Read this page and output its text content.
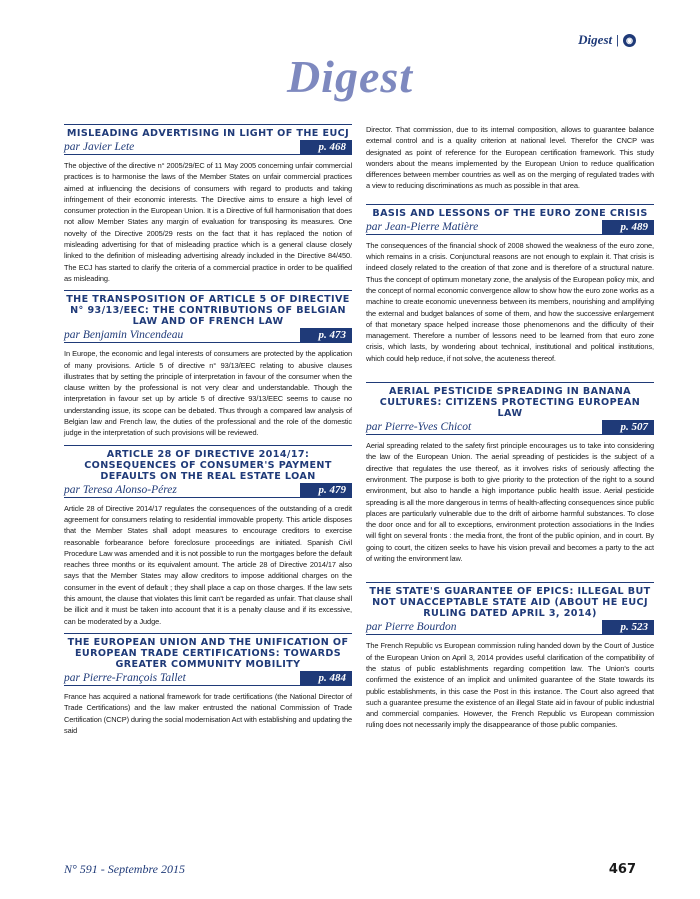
Digest | ◉
Digest
MISLEADING ADVERTISING IN LIGHT OF THE EUCJ
par Javier Lete	p. 468

The objective of the directive n° 2005/29/EC of 11 May 2005 concerning unfair commercial practices is to harmonise the laws of the Member States on unfair commercial practices aimed at influencing the decisions of consumers with regard to products and taking infringement of their economic interests. The Directive aims to ensure a high level of consumer protection in the European Union. It is a Directive of full harmonisation that does not allow Member States any margin of evaluation for transposing its measures. One novelty of the Directive 2005/29 rests on the fact that it has replaced the notion of misleading advertising for that of misleading practice which is a general clause closely linked to the definition of misleading advertising already included in the Directive 84/450. The ECJ has started to clarify the criteria of a commercial practice in order to be qualified as misleading.

THE TRANSPOSITION OF ARTICLE 5 OF DIRECTIVE N° 93/13/EEC: THE CONTRIBUTIONS OF BELGIAN LAW AND OF FRENCH LAW
par Benjamin Vincendeau	p. 473

In Europe, the economic and legal interests of consumers are protected by the application of many provisions. Article 5 of directive n° 93/13/EEC relating to abusive clauses illustrates that by setting the principle of interpretation in favour of the consumer when the clause written by the professional is not very clear and understandable. Though the interpretation in favour set up by article 5 of directive 93/13/EEC seems to cause no understanding issue, its scope can be debated. Thus through a compared law analysis of Belgian law and French law, the duties of the professional and the role of the domestic judge in the interpretation of such provisions will be reviewed.

ARTICLE 28 OF DIRECTIVE 2014/17: CONSEQUENCES OF CONSUMER'S PAYMENT DEFAULTS ON THE REAL ESTATE LOAN
par Teresa Alonso-Pérez	p. 479

Article 28 of Directive 2014/17 regulates the consequences of the outstanding of a credit agreement for consumers relating to residential immovable property. This article disposes that the Member States shall adopt measures to encourage creditors to exercise reasonable forbearance before foreclosure proceedings are initiated. Spanish Civil Procedure Law was amended and it is not possible to run the mortgages before the default reaches three months or its equivalent amount. The article 28 of Directive 2014/17 also says that the Member States may allow creditors to impose additional charges on the consumer in the event of default ; they shall place a cap on those charges. If the law sets this amount, the clause that violates this limit can't be regarded as unfair. That clause shall be illicit and it must be taken into account that it is a penalty clause and if its excessive, can be moderated by a Judge.

THE EUROPEAN UNION AND THE UNIFICATION OF EUROPEAN TRADE CERTIFICATIONS: TOWARDS GREATER COMMUNITY MOBILITY
par Pierre-François Tallet	p. 484

France has acquired a national framework for trade certifications (the National Director of Trade Certifications) and the law maker entrusted the national Commission of Trade Certification (CNCP) during the social modernisation Act with establishing and updating the said

Director. That commission, due to its internal composition, allows to guarantee balance external control and is a quality criterion at national level. Therefor the CNCP was designated as point of reference for the European certification framework. This study wonders about the means implemented by the European Union to reduce qualification differences between member countries as well as on the merging of regulated trades with a view to reducing discriminations as much as possible in that area.

BASIS AND LESSONS OF THE EURO ZONE CRISIS
par Jean-Pierre Matière	p. 489

The consequences of the financial shock of 2008 showed the weakness of the euro zone, which remains in a crisis. Conjunctural reasons are not enough to explain it. That crisis is indeed closely related to the creation of that zone and is therefore of a structural nature. Thus the concept of optimum monetary zone, the analysis of the European policy mix, and the concept of normal economic convergence allow to show how the euro zone works as a machine to create economic unevenness between its members, nourishing and amplifying the external and budget balances of some of them, and how the successive enlargement of that monetary space helped increase those phenomenons and the difficulty of their management. Therefore a number of lessons need to be learned from that euro zone crisis, which lasts, by wondering about technical, institutional and political institutions, which could help reduce, if not solve, the acuteness thereof.

AERIAL PESTICIDE SPREADING IN BANANA CULTURES: CITIZENS PROTECTING EUROPEAN LAW
par Pierre-Yves Chicot	p. 507

Aerial spreading related to the safety first principle encourages us to take into considering the law of the European Union. The aerial spreading of pesticides is the subject of a directive that regulates the use thereof, as it involves risks of seriously affecting the environment. The purpose is both to give priority to the protection of the right to a sound environment, but also to handle a high importance public health issue. Aerial pesticide spreading is all the more dangerous in terms of health-affecting consequences since public places are particularly vulnerable due to the drift of airborne harmful substances. To close the door once and for all to exceptions, environment protection associations in the Indies will fight on several fronts : the media front, the front of the public opinion, and in court. By going to court, the citizen seeks to have his vision prevail and becomes a party to the act of writing the environment law.

THE STATE'S GUARANTEE OF EPICS: ILLEGAL BUT NOT UNACCEPTABLE STATE AID (ABOUT HE EUCJ RULING DATED APRIL 3, 2014)
par Pierre Bourdon	p. 523

The French Republic vs European commission ruling handed down by the Court of Justice of the European Union on April 3, 2014 provides useful clarification of the compatibility of the status of public establishments regarding competition law. The Union's courts confirmed the existence of an implicit and unlimited guarantee of the State towards its public establishments, in this case the Post in this instance. The Court also agreed that such a guarantee presume the existence of an illegal State aid in favour of public industrial and commercial companies. However, the French Republic vs European commission ruling does not necessarily imply the disappearance of those public companies.

N° 591 - Septembre 2015	467
